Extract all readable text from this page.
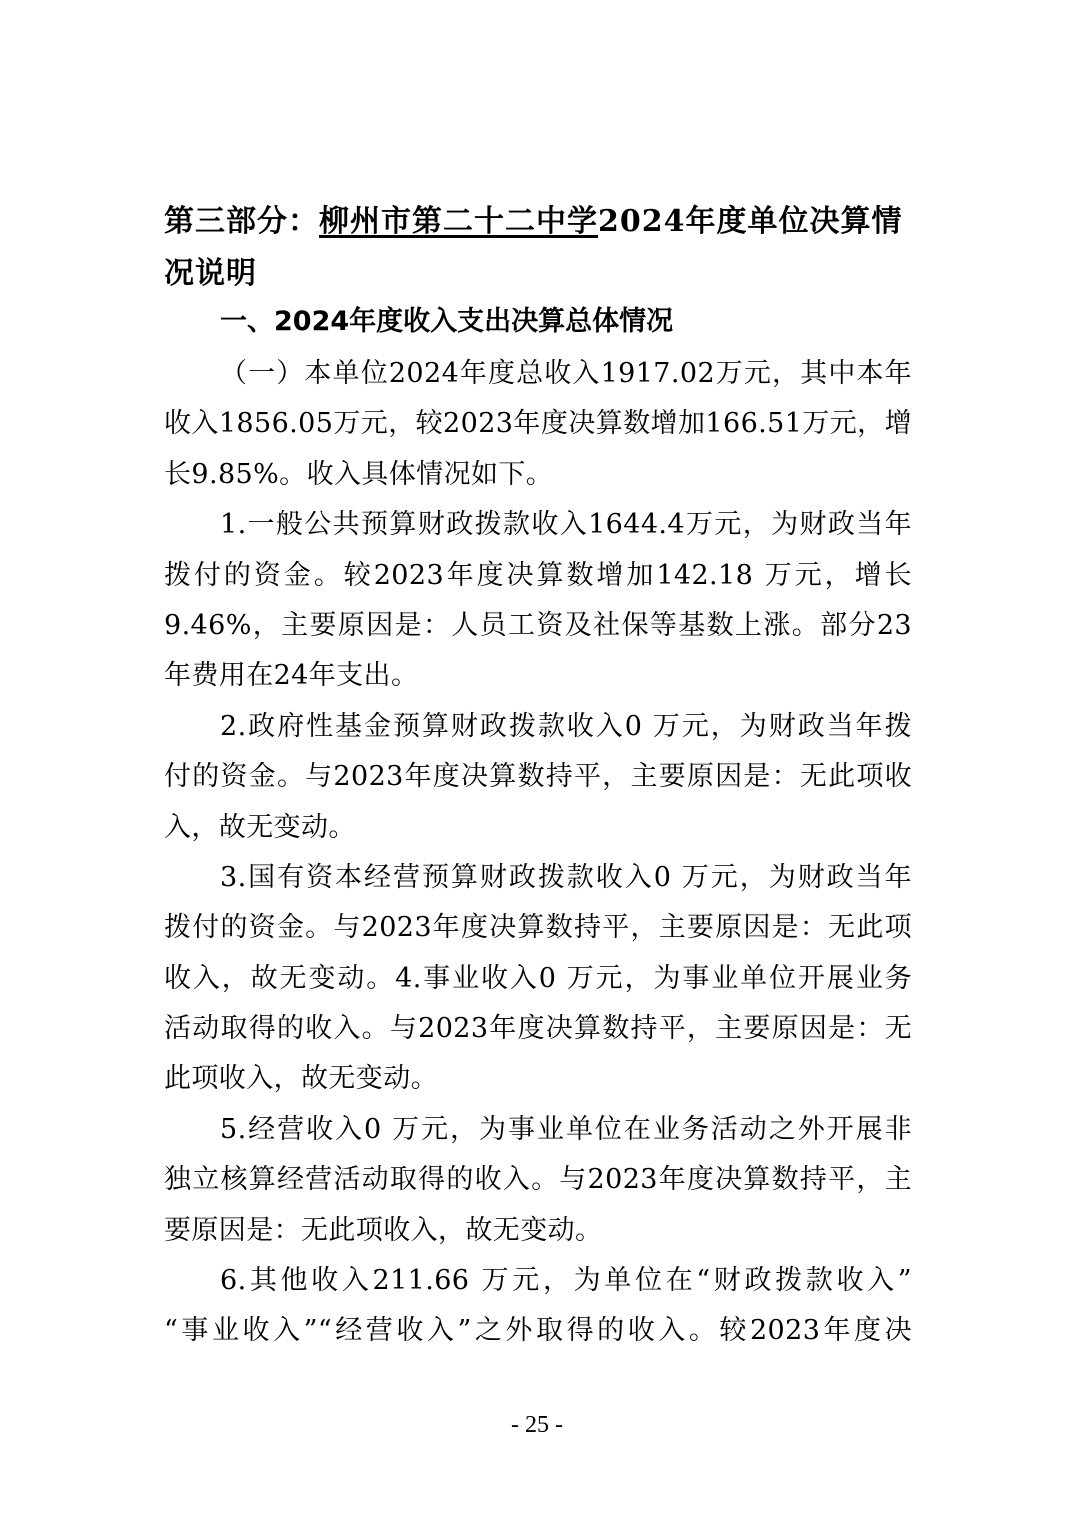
第三部分：柳州市第二十二中学2024年度单位决算情况说明
一、2024年度收入支出决算总体情况
（一）本单位2024年度总收入1917.02万元，其中本年
收入1856.05万元，较2023年度决算数增加166.51万元，增
长9.85%。收入具体情况如下。
1.一般公共预算财政拨款收入1644.4万元，为财政当年
拨付的资金。较2023年度决算数增加142.18 万元，增长
9.46%，主要原因是：人员工资及社保等基数上涨。部分23
年费用在24年支出。
2.政府性基金预算财政拨款收入0 万元，为财政当年拨
付的资金。与2023年度决算数持平，主要原因是：无此项收
入，故无变动。
3.国有资本经营预算财政拨款收入0 万元，为财政当年
拨付的资金。与2023年度决算数持平，主要原因是：无此项
收入，故无变动。4.事业收入0 万元，为事业单位开展业务
活动取得的收入。与2023年度决算数持平，主要原因是：无
此项收入，故无变动。
5.经营收入0 万元，为事业单位在业务活动之外开展非
独立核算经营活动取得的收入。与2023年度决算数持平，主
要原因是：无此项收入，故无变动。
6.其他收入211.66 万元，为单位在“财政拨款收入”
“事业收入”“经营收入”之外取得的收入。较2023年度决
- 25 -
